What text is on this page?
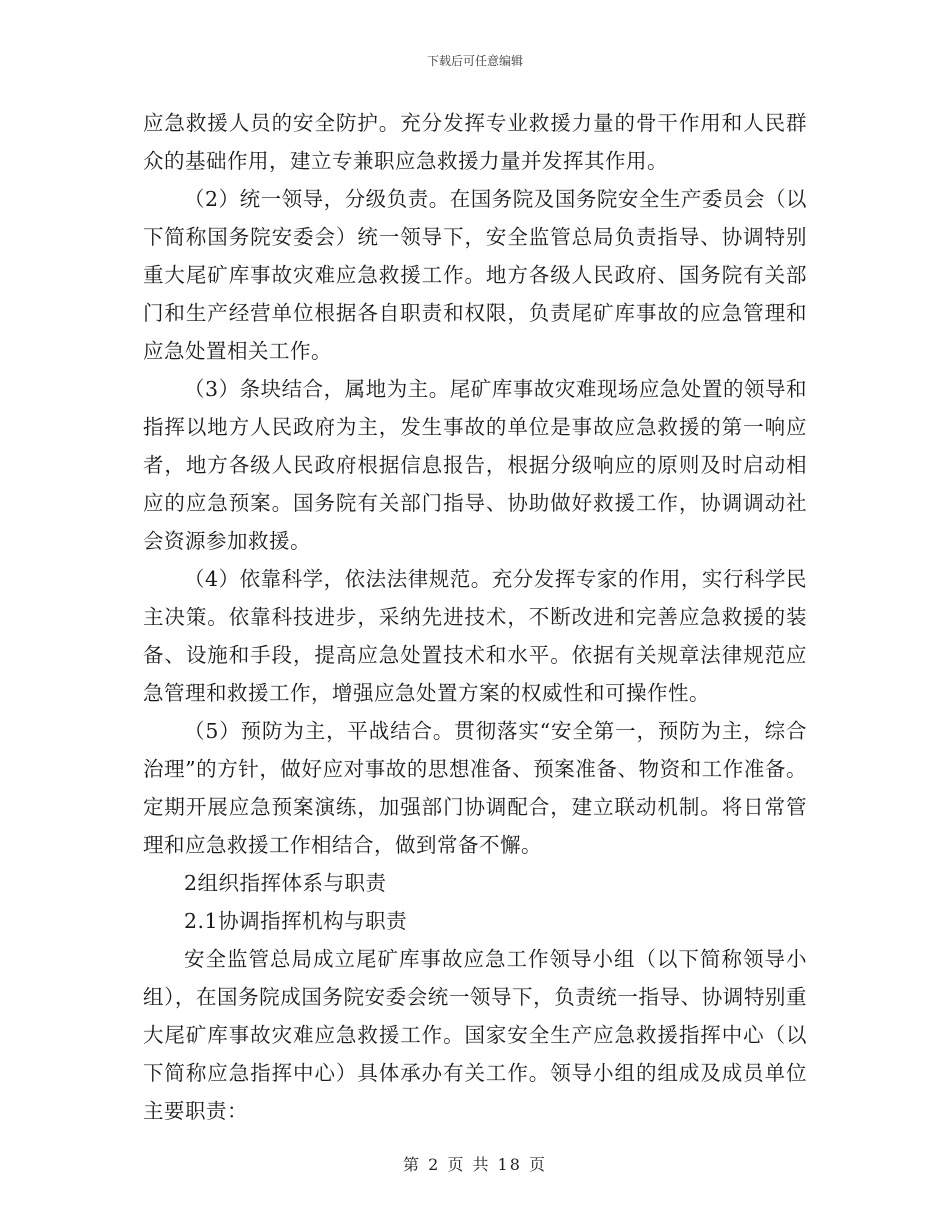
下载后可任意编辑

应急救援人员的安全防护。充分发挥专业救援力量的骨干作用和人民群众的基础作用，建立专兼职应急救援力量并发挥其作用。

（2）统一领导，分级负责。在国务院及国务院安全生产委员会（以下简称国务院安委会）统一领导下，安全监管总局负责指导、协调特别重大尾矿库事故灾难应急救援工作。地方各级人民政府、国务院有关部门和生产经营单位根据各自职责和权限，负责尾矿库事故的应急管理和应急处置相关工作。

（3）条块结合，属地为主。尾矿库事故灾难现场应急处置的领导和指挥以地方人民政府为主，发生事故的单位是事故应急救援的第一响应者，地方各级人民政府根据信息报告，根据分级响应的原则及时启动相应的应急预案。国务院有关部门指导、协助做好救援工作，协调调动社会资源参加救援。

（4）依靠科学，依法法律规范。充分发挥专家的作用，实行科学民主决策。依靠科技进步，采纳先进技术，不断改进和完善应急救援的装备、设施和手段，提高应急处置技术和水平。依据有关规章法律规范应急管理和救援工作，增强应急处置方案的权威性和可操作性。

（5）预防为主，平战结合。贯彻落实“安全第一，预防为主，综合治理”的方针，做好应对事故的思想准备、预案准备、物资和工作准备。定期开展应急预案演练，加强部门协调配合，建立联动机制。将日常管理和应急救援工作相结合，做到常备不懈。

2组织指挥体系与职责

2.1协调指挥机构与职责

安全监管总局成立尾矿库事故应急工作领导小组（以下简称领导小组），在国务院成国务院安委会统一领导下，负责统一指导、协调特别重大尾矿库事故灾难应急救援工作。国家安全生产应急救援指挥中心（以下简称应急指挥中心）具体承办有关工作。领导小组的组成及成员单位主要职责：

第 2 页 共 18 页
